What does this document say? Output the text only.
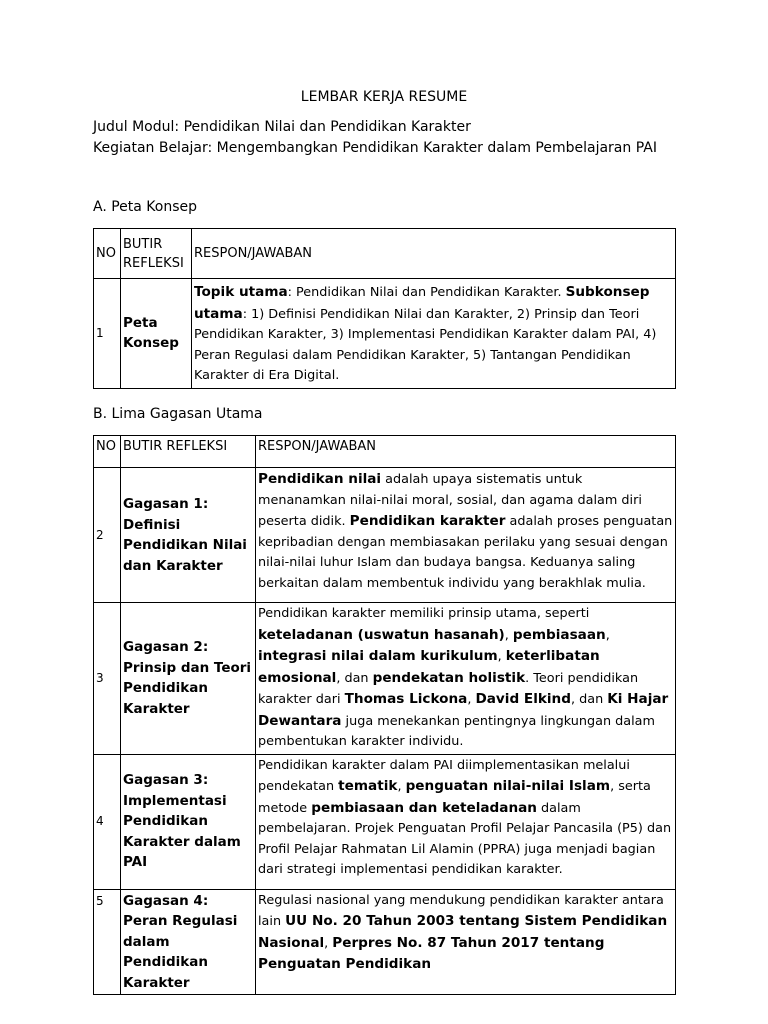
LEMBAR KERJA RESUME
Judul Modul: Pendidikan Nilai dan Pendidikan Karakter
Kegiatan Belajar: Mengembangkan Pendidikan Karakter dalam Pembelajaran PAI
A. Peta Konsep
NO	BUTIR REFLEKSI	RESPON/JAWABAN
1	Peta Konsep	Topik utama: Pendidikan Nilai dan Pendidikan Karakter. Subkonsep utama: 1) Definisi Pendidikan Nilai dan Karakter, 2) Prinsip dan Teori Pendidikan Karakter, 3) Implementasi Pendidikan Karakter dalam PAI, 4) Peran Regulasi dalam Pendidikan Karakter, 5) Tantangan Pendidikan Karakter di Era Digital.
B. Lima Gagasan Utama
NO	BUTIR REFLEKSI	RESPON/JAWABAN
2	Gagasan 1: Definisi Pendidikan Nilai dan Karakter	Pendidikan nilai adalah upaya sistematis untuk menanamkan nilai-nilai moral, sosial, dan agama dalam diri peserta didik. Pendidikan karakter adalah proses penguatan kepribadian dengan membiasakan perilaku yang sesuai dengan nilai-nilai luhur Islam dan budaya bangsa. Keduanya saling berkaitan dalam membentuk individu yang berakhlak mulia.
3	Gagasan 2: Prinsip dan Teori Pendidikan Karakter	Pendidikan karakter memiliki prinsip utama, seperti keteladanan (uswatun hasanah), pembiasaan, integrasi nilai dalam kurikulum, keterlibatan emosional, dan pendekatan holistik. Teori pendidikan karakter dari Thomas Lickona, David Elkind, dan Ki Hajar Dewantara juga menekankan pentingnya lingkungan dalam pembentukan karakter individu.
4	Gagasan 3: Implementasi Pendidikan Karakter dalam PAI	Pendidikan karakter dalam PAI diimplementasikan melalui pendekatan tematik, penguatan nilai-nilai Islam, serta metode pembiasaan dan keteladanan dalam pembelajaran. Projek Penguatan Profil Pelajar Pancasila (P5) dan Profil Pelajar Rahmatan Lil Alamin (PPRA) juga menjadi bagian dari strategi implementasi pendidikan karakter.
5	Gagasan 4: Peran Regulasi dalam Pendidikan Karakter	Regulasi nasional yang mendukung pendidikan karakter antara lain UU No. 20 Tahun 2003 tentang Sistem Pendidikan Nasional, Perpres No. 87 Tahun 2017 tentang Penguatan Pendidikan
